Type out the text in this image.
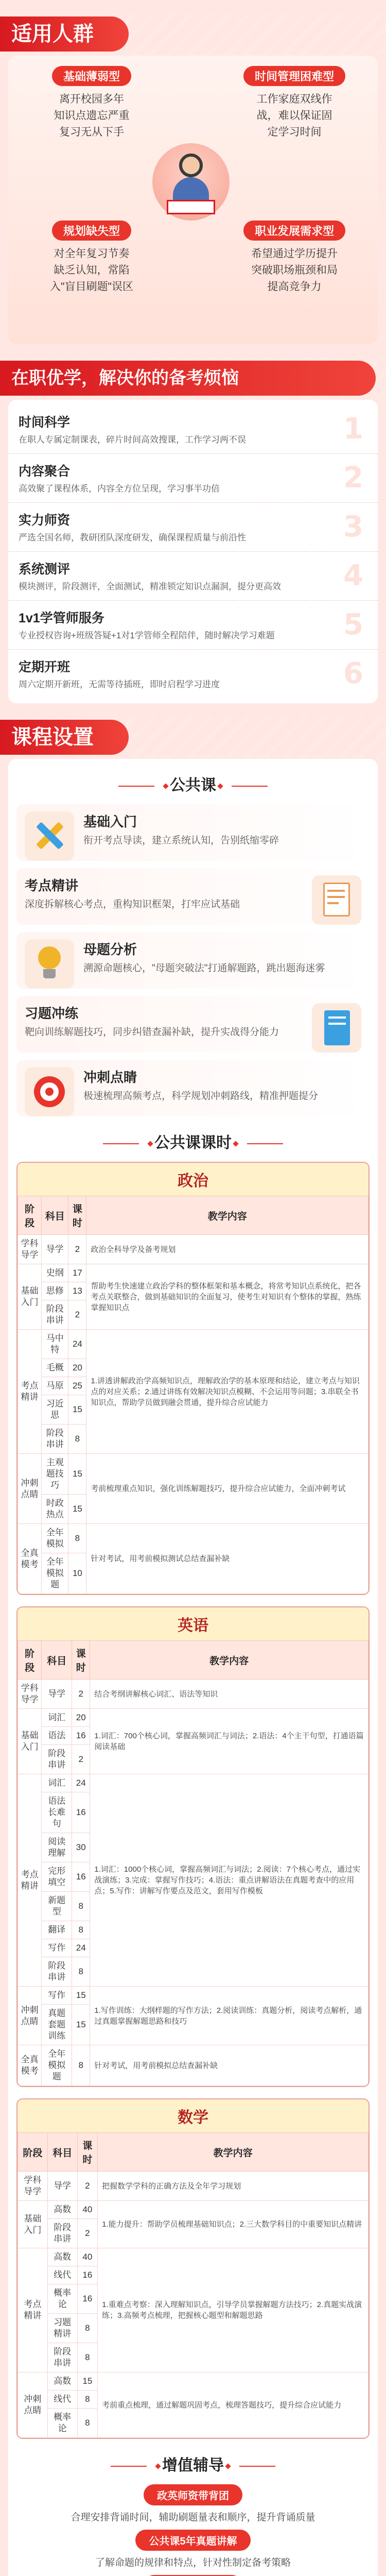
适用人群
基础薄弱型
离开校园多年
知识点遗忘严重
复习无从下手
时间管理困难型
工作家庭双线作
战，难以保证固
定学习时间
规划缺失型
对全年复习节奏
缺乏认知，常陷
入"盲目刷题"误区
职业发展需求型
希望通过学历提升
突破职场瓶颈和局
提高竞争力
在职优学，解决你的备考烦恼
时间科学
在职人专属定制课表，碎片时间高效搜课，工作学习两不误	1
内容聚合
高效聚了课程体系，内容全方位呈现，学习事半功倍	2
实力师资
严选全国名师，教研团队深度研发，确保课程质量与前沿性	3
系统测评
模块测评，阶段测评，全面测试，精准锁定知识点漏洞，提分更高效	4
1v1学管师服务
专业授权咨询+班级答疑+1对1学管师全程陪伴，随时解决学习难题	5
定期开班
周六定期开新班，无需等待插班，即时启程学习进度	6
课程设置
公共课
基础入门
衔开考点导读，建立系统认知，告别纸缩零碎
考点精讲
深度拆解核心考点，重构知识框架，打牢应试基础
母题分析
溯源命题核心，"母题突破法"打通解题路，跳出题海迷雾
习题冲练
靶向训练解题技巧，同步纠错查漏补缺，提升实战得分能力
冲刺点睛
极速梳理高频考点，科学规划冲刺路线，精准押题提分
公共课课时
政治
阶段	科目	课时	教学内容
学科导学	导学	2	政治全科导学及备考规划
基础入门	史纲	17	帮助考生快速建立政治学科的整体框架和基本概念，将常考知识点系统化，把各考点关联整合，做到基础知识的全面复习，使考生对知识有个整体的掌握，熟练掌握知识点
	思修	13	
	阶段串讲	2	
考点精讲	马中特	24	1.讲透讲解政治学高频知识点，理解政治学的基本原理和结论，建立考点与知识点的对应关系；2.通过讲练有效解决知识点模糊、不会运用等问题；3.串联全书知识点，帮助学员做到融会贯通，提升综合应试能力
	毛概	20	
	马原	25	
	习近思	15	
	阶段串讲	8	
冲刺点睛	主观题技巧	15	考前梳理重点知识，强化训练解题技巧，提升综合应试能力，全面冲刺考试
	时政热点	15	
全真模考	全年模拟	8	针对考试，用考前模拟测试总结查漏补缺
	全年模拟题	10	
英语
阶段	科目	课时	教学内容
学科导学	导学	2	结合考纲讲解核心词汇、语法等知识
基础入门	词汇	20	1.词汇：700个核心词，掌握高频词汇与词法；2.语法：4个主干句型，打通语篇阅读基础
	语法	16	
	阶段串讲	2	
考点精讲	词汇	24	1.词汇：1000个核心词，掌握高频词汇与词法；2.阅读：7个核心考点，通过实战演练；3.完成：掌握写作技巧；4.语法：重点讲解语法在真题考查中的应用点；5.写作：讲解写作要点及范文，套用写作模板
	语法长难句	16	
	阅读理解	30	
	完形填空	16	
	新题型	8	
	翻译	8	
	写作	24	
	阶段串讲	8	
冲刺点睛	写作	15	1.写作训练：大纲样题的写作方法；2.阅读训练：真题分析，阅读考点解析，通过真题掌握解题思路和技巧
	真题套题训练	15	
全真模考	全年模拟题	8	针对考试，用考前模拟总结查漏补缺
数学
阶段	科目	课时	教学内容
学科导学	导学	2	把握数学学科的正确方法及全年学习规划
基础入门	高数	40	1.能力提升：帮助学员梳理基础知识点；2.三大数学科目的中重要知识点精讲
	阶段串讲	2	
考点精讲	高数	40	1.重难点考察：深入理解知识点，引导学员掌握解题方法技巧；2.真题实战演练；3.高频考点梳理，把握核心题型和解题思路
	线代	16	
	概率论	16	
	习题精讲	8	
	阶段串讲	8	
冲刺点睛	高数	15	考前重点梳理，通过解题巩固考点，梳理答题技巧，提升综合应试能力
	线代	8	
	概率论	8	
增值辅导
政英师资带背团
合理安排背诵时间，辅助刷题量表和顺序，提升背诵质量
公共课5年真题讲解
了解命题的规律和特点，针对性制定备考策略
